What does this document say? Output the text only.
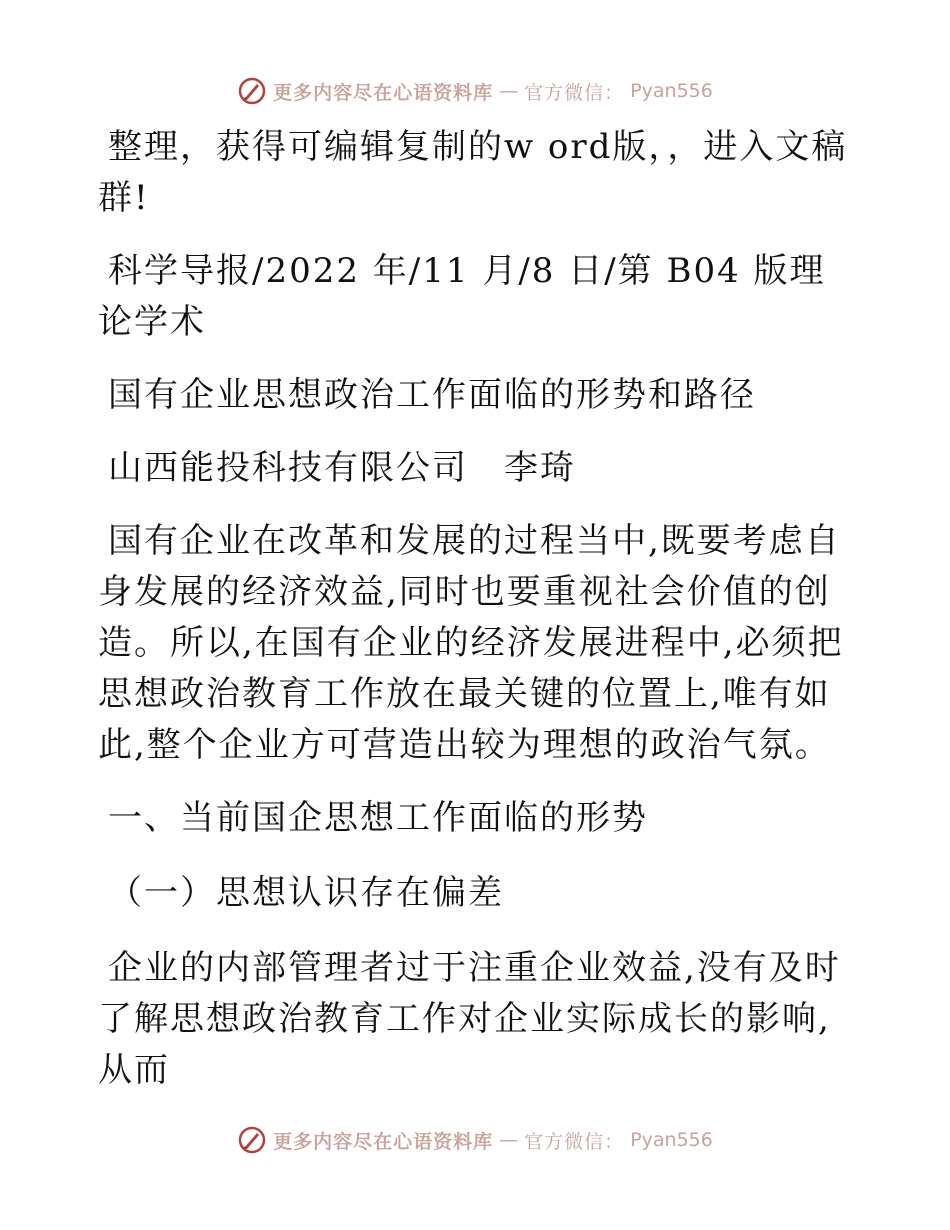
更多内容尽在心语资料库 — 官方微信： Pyan556

整理，获得可编辑复制的w ord版，，进入文稿群!

科学导报/2022 年/11 月/8 日/第 B04 版理论学术

国有企业思想政治工作面临的形势和路径

山西能投科技有限公司　李琦

国有企业在改革和发展的过程当中,既要考虑自身发展的经济效益,同时也要重视社会价值的创造。所以,在国有企业的经济发展进程中,必须把思想政治教育工作放在最关键的位置上,唯有如此,整个企业方可营造出较为理想的政治气氛。

一、当前国企思想工作面临的形势

（一）思想认识存在偏差

企业的内部管理者过于注重企业效益,没有及时了解思想政治教育工作对企业实际成长的影响,从而

更多内容尽在心语资料库 — 官方微信： Pyan556
